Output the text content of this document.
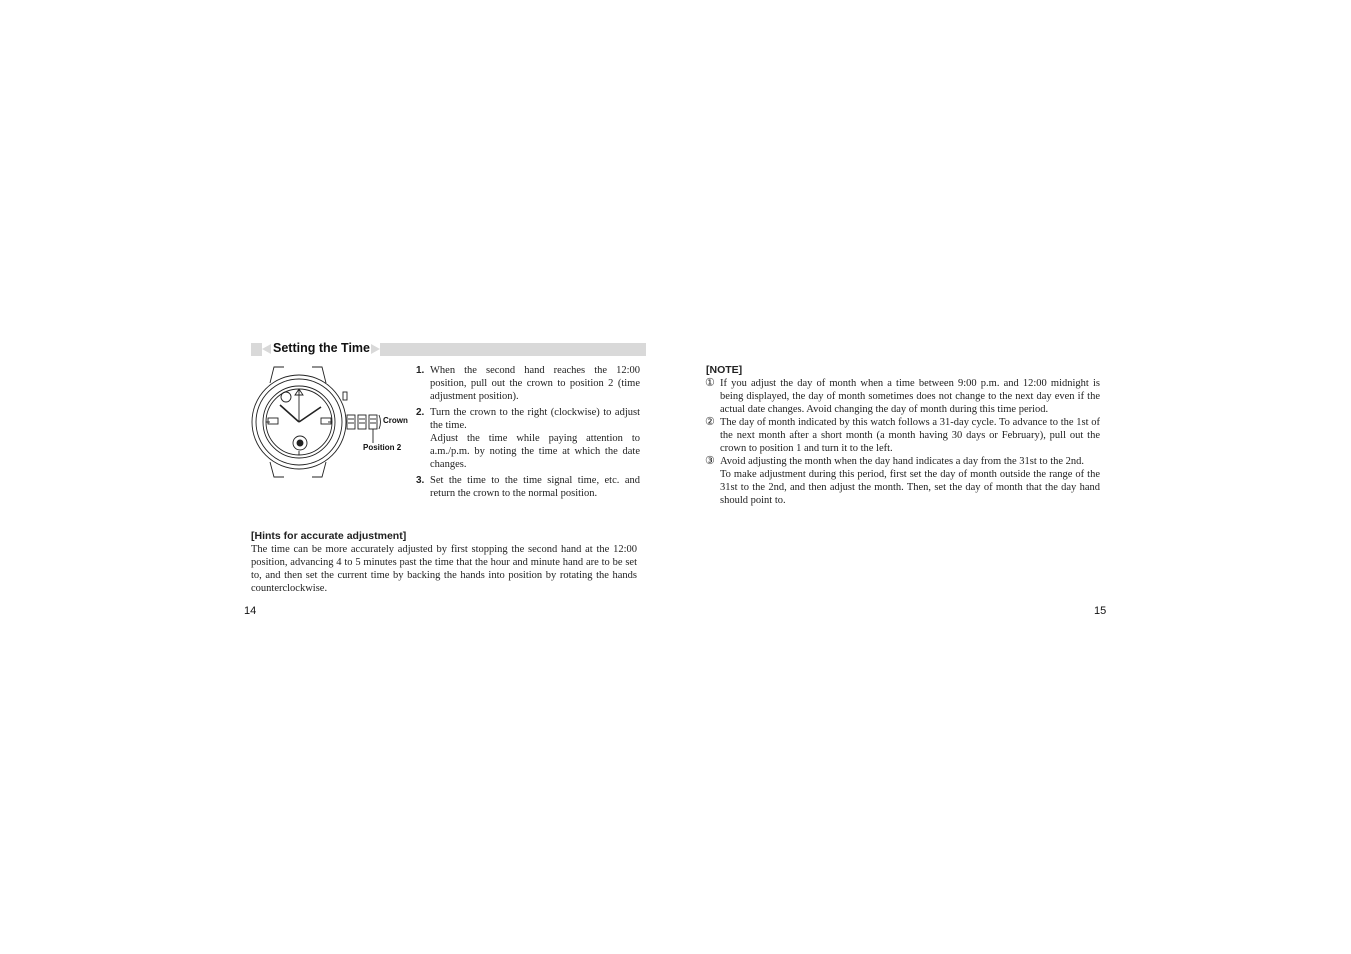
Setting the Time
Crown
Position 2
1. When the second hand reaches the 12:00 position, pull out the crown to position 2 (time adjustment position).

2. Turn the crown to the right (clockwise) to adjust the time.

Adjust the time while paying attention to a.m./p.m. by noting the time at which the date changes.

3. Set the time to the time signal time, etc. and return the crown to the normal position.

[Hints for accurate adjustment]
The time can be more accurately adjusted by first stopping the second hand at the 12:00 position, advancing 4 to 5 minutes past the time that the hour and minute hand are to be set to, and then set the current time by backing the hands into position by rotating the hands counterclockwise.
14
[NOTE]
① If you adjust the day of month when a time between 9:00 p.m. and 12:00 midnight is being displayed, the day of month sometimes does not change to the next day even if the actual date changes. Avoid changing the day of month during this time period.

② The day of month indicated by this watch follows a 31-day cycle. To advance to the 1st of the next month after a short month (a month having 30 days or February), pull out the crown to position 1 and turn it to the left.

③ Avoid adjusting the month when the day hand indicates a day from the 31st to the 2nd.

To make adjustment during this period, first set the day of month outside the range of the 31st to the 2nd, and then adjust the month. Then, set the day of month that the day hand should point to.

15
